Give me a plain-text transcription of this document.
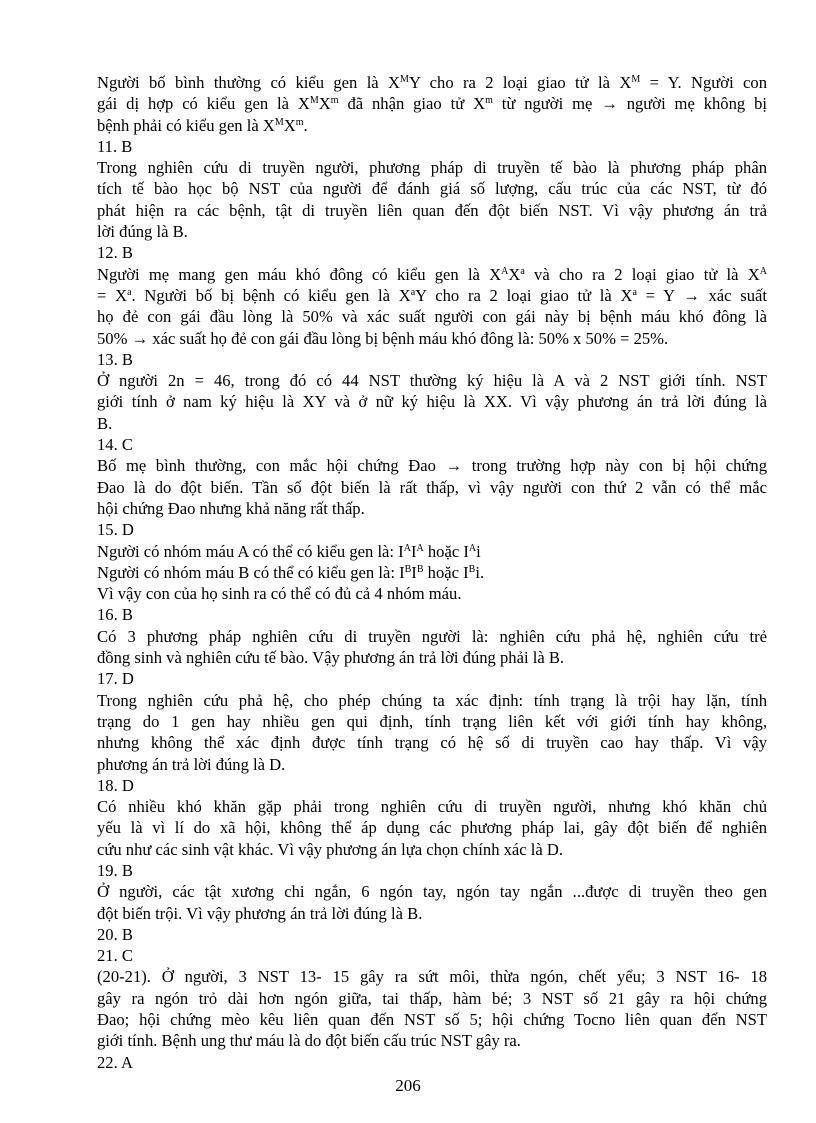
Người bố bình thường có kiểu gen là $X^MY$ cho ra 2 loại giao tử là $X^M = Y$. Người con
gái dị hợp có kiểu gen là $X^MX^m$ đã nhận giao tử $X^m$ từ người mẹ → người mẹ không bị
bệnh phải có kiểu gen là $X^MX^m$.
11. B
Trong nghiên cứu di truyền người, phương pháp di truyền tế bào là phương pháp phân
tích tế bào học bộ NST của người để đánh giá số lượng, cấu trúc của các NST, từ đó
phát hiện ra các bệnh, tật di truyền liên quan đến đột biến NST. Vì vậy phương án trả
lời đúng là B.
12. B
Người mẹ mang gen máu khó đông có kiểu gen là $X^AX^a$ và cho ra 2 loại giao tử là $X^A$
= $X^a$. Người bố bị bệnh có kiểu gen là $X^aY$ cho ra 2 loại giao tử là $X^a = Y$ → xác suất
họ đẻ con gái đầu lòng là 50% và xác suất người con gái này bị bệnh máu khó đông là
50% → xác suất họ đẻ con gái đầu lòng bị bệnh máu khó đông là: 50% x 50% = 25%.
13. B
Ở người 2n = 46, trong đó có 44 NST thường ký hiệu là A và 2 NST giới tính. NST
giới tính ở nam ký hiệu là XY và ở nữ ký hiệu là XX. Vì vậy phương án trả lời đúng là
B.
14. C
Bố mẹ bình thường, con mắc hội chứng Đao → trong trường hợp này con bị hội chứng
Đao là do đột biến. Tần số đột biến là rất thấp, vì vậy người con thứ 2 vẫn có thể mắc
hội chứng Đao nhưng khả năng rất thấp.
15. D
Người có nhóm máu A có thể có kiểu gen là: $I^AI^A$ hoặc $I^Ai$
Người có nhóm máu B có thể có kiểu gen là: $I^BI^B$ hoặc $I^Bi$.
Vì vậy con của họ sinh ra có thể có đủ cả 4 nhóm máu.
16. B
Có 3 phương pháp nghiên cứu di truyền người là: nghiên cứu phả hệ, nghiên cứu trẻ
đồng sinh và nghiên cứu tế bào. Vậy phương án trả lời đúng phải là B.
17. D
Trong nghiên cứu phả hệ, cho phép chúng ta xác định: tính trạng là trội hay lặn, tính
trạng do 1 gen hay nhiều gen qui định, tính trạng liên kết với giới tính hay không,
nhưng không thể xác định được tính trạng có hệ số di truyền cao hay thấp. Vì vậy
phương án trả lời đúng là D.
18. D
Có nhiều khó khăn gặp phải trong nghiên cứu di truyền người, nhưng khó khăn chủ
yếu là vì lí do xã hội, không thể áp dụng các phương pháp lai, gây đột biến để nghiên
cứu như các sinh vật khác. Vì vậy phương án lựa chọn chính xác là D.
19. B
Ở người, các tật xương chi ngắn, 6 ngón tay, ngón tay ngắn ...được di truyền theo gen
đột biến trội. Vì vậy phương án trả lời đúng là B.
20. B
21. C
(20-21). Ở người, 3 NST 13- 15 gây ra sứt môi, thừa ngón, chết yểu; 3 NST 16- 18
gây ra ngón trỏ dài hơn ngón giữa, tai thấp, hàm bé; 3 NST số 21 gây ra hội chứng
Đao; hội chứng mèo kêu liên quan đến NST số 5; hội chứng Tocno liên quan đến NST
giới tính. Bệnh ung thư máu là do đột biến cấu trúc NST gây ra.
22. A
206
